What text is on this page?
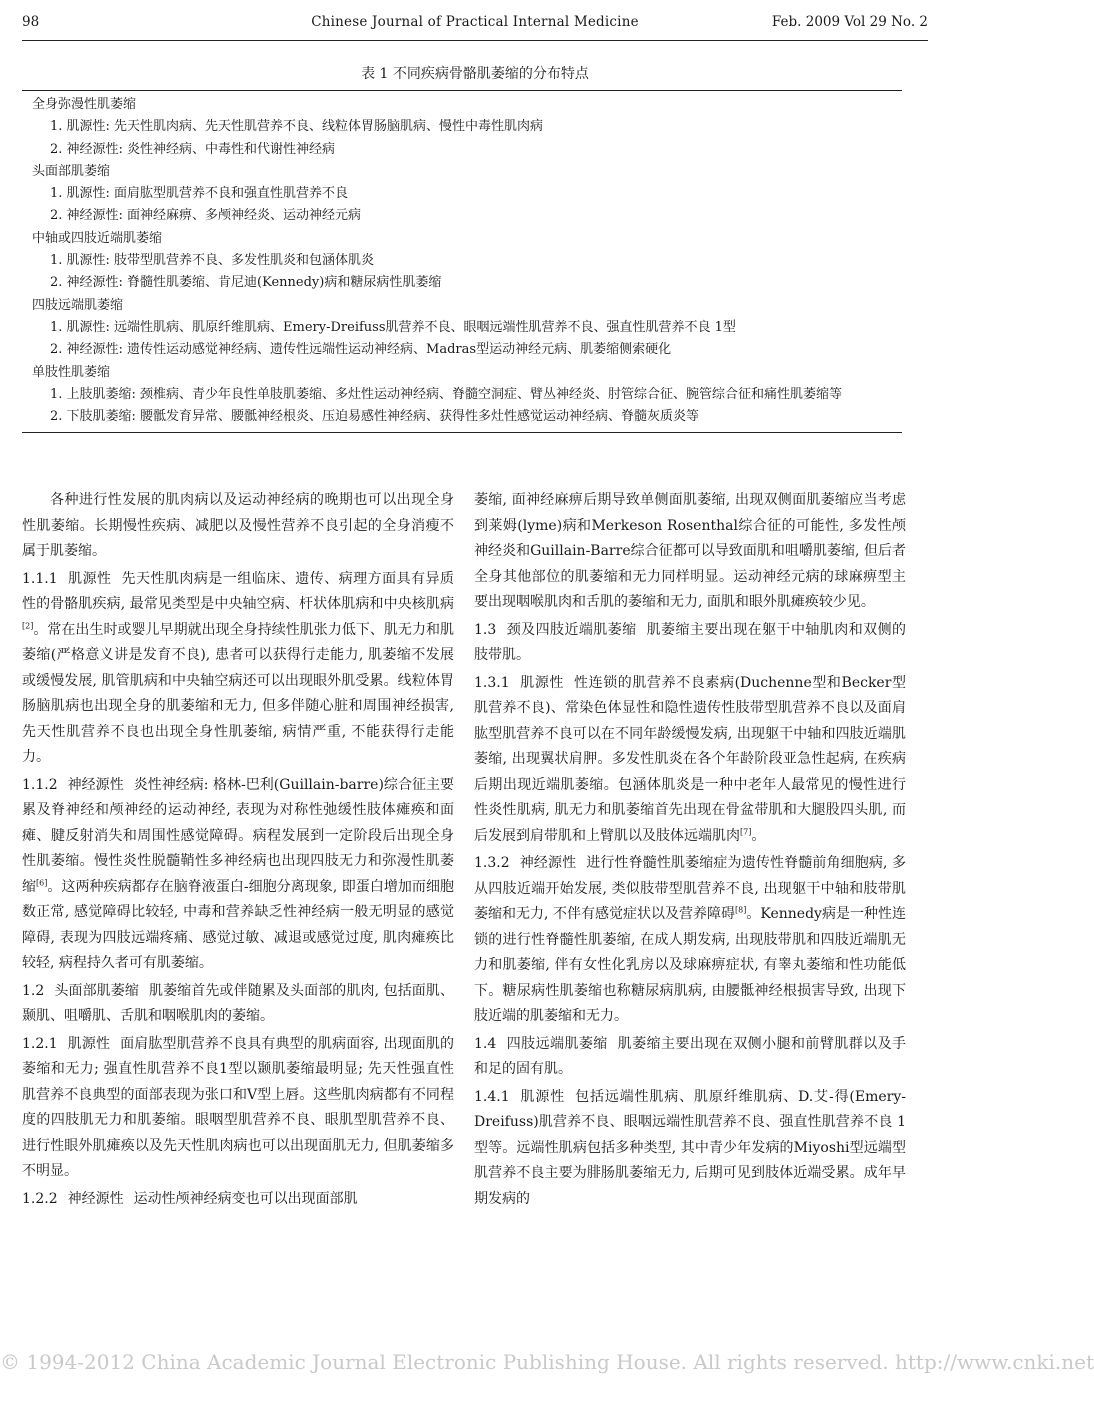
98	Chinese Journal of Practical Internal Medicine	Feb. 2009 Vol 29 No. 2
表 1 不同疾病骨骼肌萎缩的分布特点
全身弥漫性肌萎缩
1. 肌源性: 先天性肌肉病、先天性肌营养不良、线粒体胃肠脑肌病、慢性中毒性肌肉病
2. 神经源性: 炎性神经病、中毒性和代谢性神经病
头面部肌萎缩
1. 肌源性: 面肩肱型肌营养不良和强直性肌营养不良
2. 神经源性: 面神经麻痹、多颅神经炎、运动神经元病
中轴或四肢近端肌萎缩
1. 肌源性: 肢带型肌营养不良、多发性肌炎和包涵体肌炎
2. 神经源性: 脊髓性肌萎缩、肯尼迪(Kennedy)病和糖尿病性肌萎缩
四肢远端肌萎缩
1. 肌源性: 远端性肌病、肌原纤维肌病、Emery-Dreifuss肌营养不良、眼咽远端性肌营养不良、强直性肌营养不良 1型
2. 神经源性: 遗传性运动感觉神经病、遗传性远端性运动神经病、Madras型运动神经元病、肌萎缩侧索硬化
单肢性肌萎缩
1. 上肢肌萎缩: 颈椎病、青少年良性单肢肌萎缩、多灶性运动神经病、脊髓空洞症、臂丛神经炎、肘管综合征、腕管综合征和痛性肌萎缩等
2. 下肢肌萎缩: 腰骶发育异常、腰骶神经根炎、压迫易感性神经病、获得性多灶性感觉运动神经病、脊髓灰质炎等

各种进行性发展的肌肉病以及运动神经病的晚期也可以出现全身性肌萎缩。长期慢性疾病、减肥以及慢性营养不良引起的全身消瘦不属于肌萎缩。

1.1.1 肌源性 先天性肌肉病是一组临床、遗传、病理方面具有异质性的骨骼肌疾病, 最常见类型是中央轴空病、杆状体肌病和中央核肌病[2]。常在出生时或婴儿早期就出现全身持续性肌张力低下、肌无力和肌萎缩(严格意义讲是发育不良), 患者可以获得行走能力, 肌萎缩不发展或缓慢发展, 肌管肌病和中央轴空病还可以出现眼外肌受累。线粒体胃肠脑肌病也出现全身的肌萎缩和无力, 但多伴随心脏和周围神经损害, 先天性肌营养不良也出现全身性肌萎缩, 病情严重, 不能获得行走能力。

1.1.2 神经源性 炎性神经病: 格林-巴利(Guillain-barre)综合征主要累及脊神经和颅神经的运动神经, 表现为对称性弛缓性肢体瘫痪和面瘫、腱反射消失和周围性感觉障碍。病程发展到一定阶段后出现全身性肌萎缩。慢性炎性脱髓鞘性多神经病也出现四肢无力和弥漫性肌萎缩[6]。这两种疾病都存在脑脊液蛋白-细胞分离现象, 即蛋白增加而细胞数正常, 感觉障碍比较轻, 中毒和营养缺乏性神经病一般无明显的感觉障碍, 表现为四肢远端疼痛、感觉过敏、减退或感觉过度, 肌肉瘫痪比较轻, 病程持久者可有肌萎缩。

1.2 头面部肌萎缩 肌萎缩首先或伴随累及头面部的肌肉, 包括面肌、颞肌、咀嚼肌、舌肌和咽喉肌肉的萎缩。

1.2.1 肌源性 面肩肱型肌营养不良具有典型的肌病面容, 出现面肌的萎缩和无力; 强直性肌营养不良1型以颞肌萎缩最明显; 先天性强直性肌营养不良典型的面部表现为张口和V型上唇。这些肌肉病都有不同程度的四肢肌无力和肌萎缩。眼咽型肌营养不良、眼肌型肌营养不良、进行性眼外肌瘫痪以及先天性肌肉病也可以出现面肌无力, 但肌萎缩多不明显。

1.2.2 神经源性 运动性颅神经病变也可以出现面部肌

萎缩, 面神经麻痹后期导致单侧面肌萎缩, 出现双侧面肌萎缩应当考虑到莱姆(lyme)病和Merkeson Rosenthal综合征的可能性, 多发性颅神经炎和Guillain-Barre综合征都可以导致面肌和咀嚼肌萎缩, 但后者全身其他部位的肌萎缩和无力同样明显。运动神经元病的球麻痹型主要出现咽喉肌肉和舌肌的萎缩和无力, 面肌和眼外肌瘫痪较少见。

1.3 颈及四肢近端肌萎缩 肌萎缩主要出现在躯干中轴肌肉和双侧的肢带肌。

1.3.1 肌源性 性连锁的肌营养不良素病(Duchenne型和Becker型肌营养不良)、常染色体显性和隐性遗传性肢带型肌营养不良以及面肩肱型肌营养不良可以在不同年龄缓慢发病, 出现躯干中轴和四肢近端肌萎缩, 出现翼状肩胛。多发性肌炎在各个年龄阶段亚急性起病, 在疾病后期出现近端肌萎缩。包涵体肌炎是一种中老年人最常见的慢性进行性炎性肌病, 肌无力和肌萎缩首先出现在骨盆带肌和大腿股四头肌, 而后发展到肩带肌和上臂肌以及肢体远端肌肉[7]。

1.3.2 神经源性 进行性脊髓性肌萎缩症为遗传性脊髓前角细胞病, 多从四肢近端开始发展, 类似肢带型肌营养不良, 出现躯干中轴和肢带肌萎缩和无力, 不伴有感觉症状以及营养障碍[8]。Kennedy病是一种性连锁的进行性脊髓性肌萎缩, 在成人期发病, 出现肢带肌和四肢近端肌无力和肌萎缩, 伴有女性化乳房以及球麻痹症状, 有睾丸萎缩和性功能低下。糖尿病性肌萎缩也称糖尿病肌病, 由腰骶神经根损害导致, 出现下肢近端的肌萎缩和无力。

1.4 四肢远端肌萎缩 肌萎缩主要出现在双侧小腿和前臂肌群以及手和足的固有肌。

1.4.1 肌源性 包括远端性肌病、肌原纤维肌病、D.艾-得(Emery-Dreifuss)肌营养不良、眼咽远端性肌营养不良、强直性肌营养不良 1型等。远端性肌病包括多种类型, 其中青少年发病的Miyoshi型远端型肌营养不良主要为腓肠肌萎缩无力, 后期可见到肢体近端受累。成年早期发病的

© 1994-2012 China Academic Journal Electronic Publishing House. All rights reserved. http://www.cnki.net
